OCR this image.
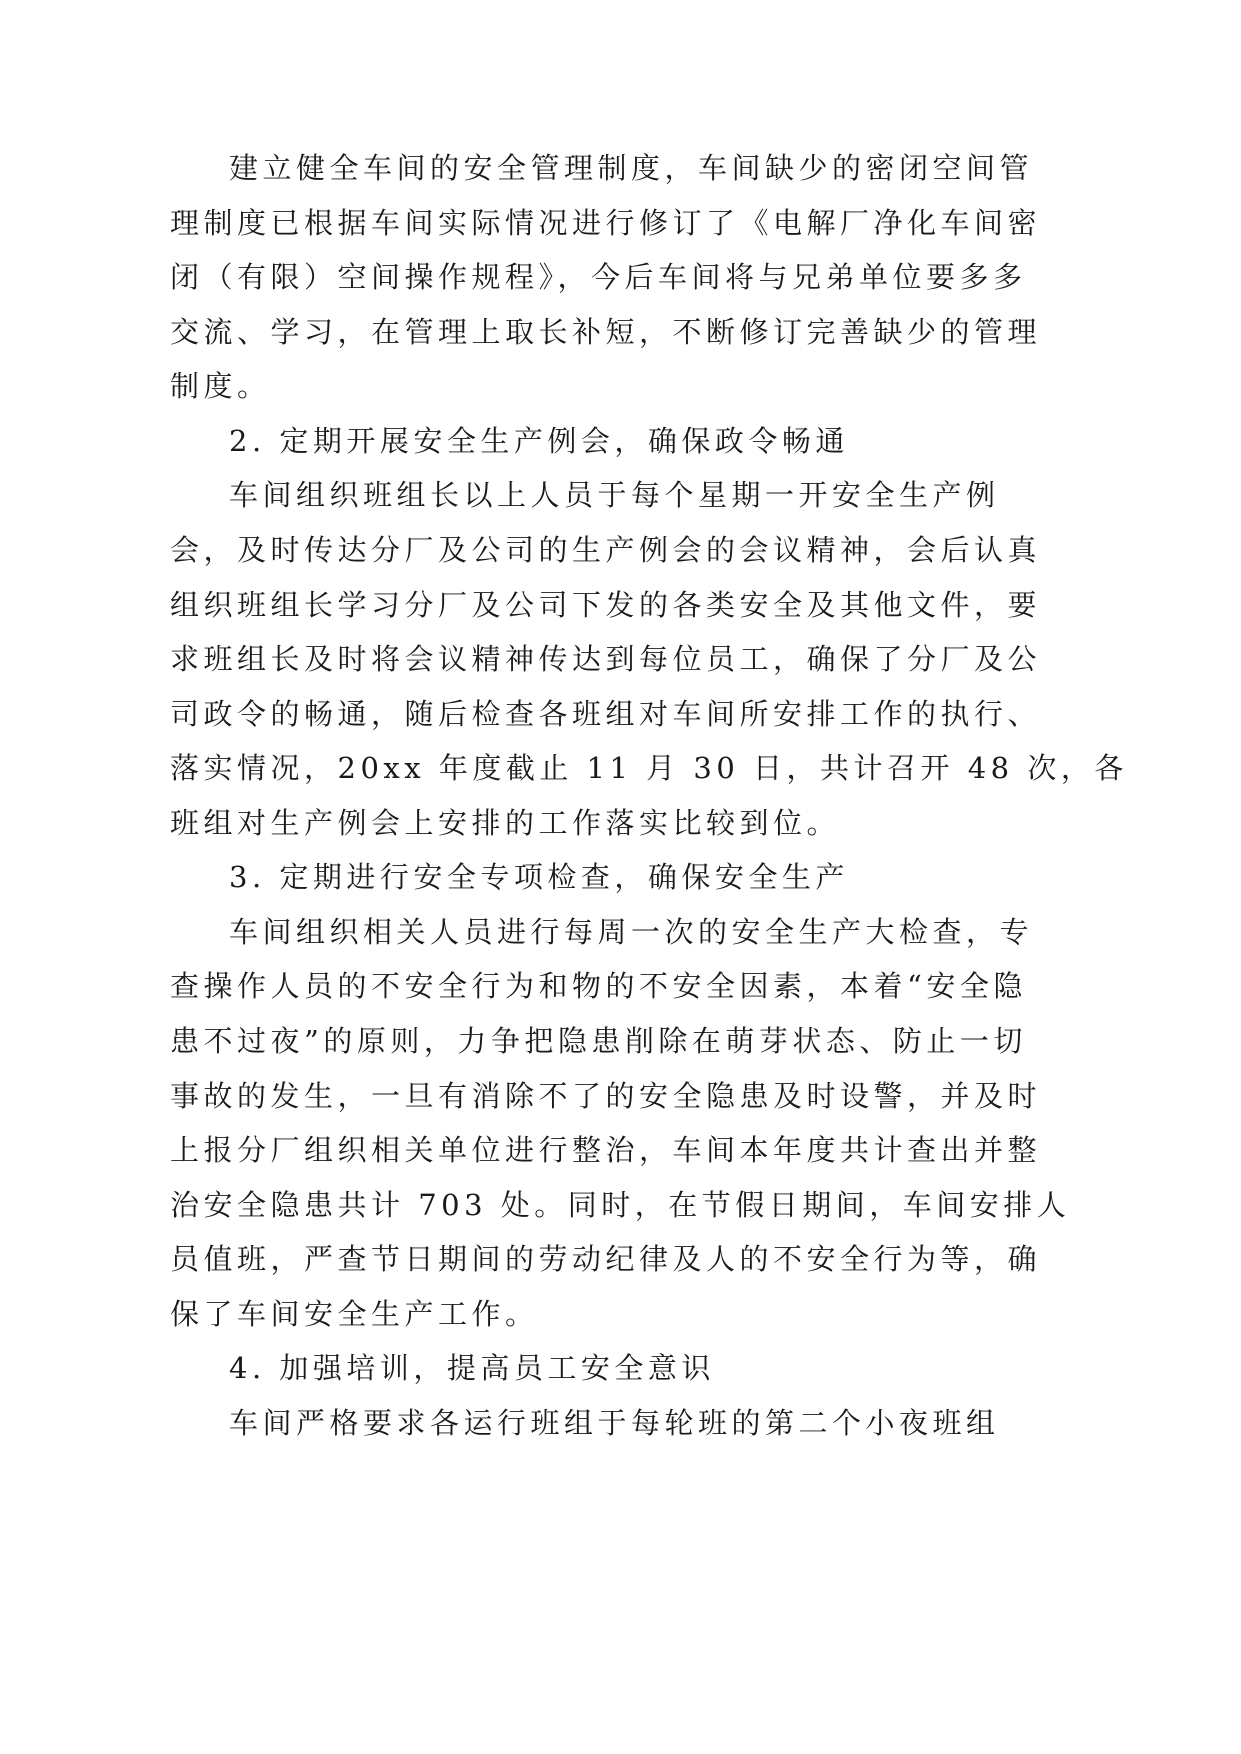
建立健全车间的安全管理制度，车间缺少的密闭空间管
理制度已根据车间实际情况进行修订了《电解厂净化车间密
闭（有限）空间操作规程》，今后车间将与兄弟单位要多多
交流、学习，在管理上取长补短，不断修订完善缺少的管理
制度。
2. 定期开展安全生产例会，确保政令畅通
车间组织班组长以上人员于每个星期一开安全生产例
会，及时传达分厂及公司的生产例会的会议精神，会后认真
组织班组长学习分厂及公司下发的各类安全及其他文件，要
求班组长及时将会议精神传达到每位员工，确保了分厂及公
司政令的畅通，随后检查各班组对车间所安排工作的执行、
落实情况，20xx 年度截止 11 月 30 日，共计召开 48 次，各
班组对生产例会上安排的工作落实比较到位。
3. 定期进行安全专项检查，确保安全生产
车间组织相关人员进行每周一次的安全生产大检查，专
查操作人员的不安全行为和物的不安全因素，本着“安全隐
患不过夜”的原则，力争把隐患削除在萌芽状态、防止一切
事故的发生，一旦有消除不了的安全隐患及时设警，并及时
上报分厂组织相关单位进行整治，车间本年度共计查出并整
治安全隐患共计 703 处。同时，在节假日期间，车间安排人
员值班，严查节日期间的劳动纪律及人的不安全行为等，确
保了车间安全生产工作。
4. 加强培训，提高员工安全意识
车间严格要求各运行班组于每轮班的第二个小夜班组
